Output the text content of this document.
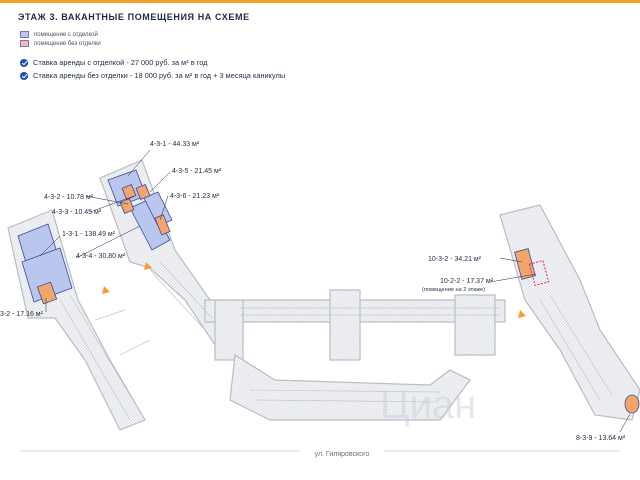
ЭТАЖ 3. ВАКАНТНЫЕ ПОМЕЩЕНИЯ НА СХЕМЕ
помещение с отделкой
помещение без отделки
Ставка аренды с отделкой - 27 000 руб. за м² в год
Ставка аренды без отделки - 18 000 руб. за м² в год + 3 месяца каникулы
4-3-1 - 44.33 м²
4-3-5 - 21.45 м²
4-3-6 - 21.23 м²
4-3-2 - 10.78 м²
4-3-3 - 10.45 м²
1-3-1 - 138.49 м²
4-3-4 - 30.80 м²
3-2 - 17.16 м²
10-3-2 - 34.21 м²
10-2-2 - 17.37 м²
(помещение на 2 этаже)
8-3-9 - 13.64 м²
ул. Гиляровского
Циан
